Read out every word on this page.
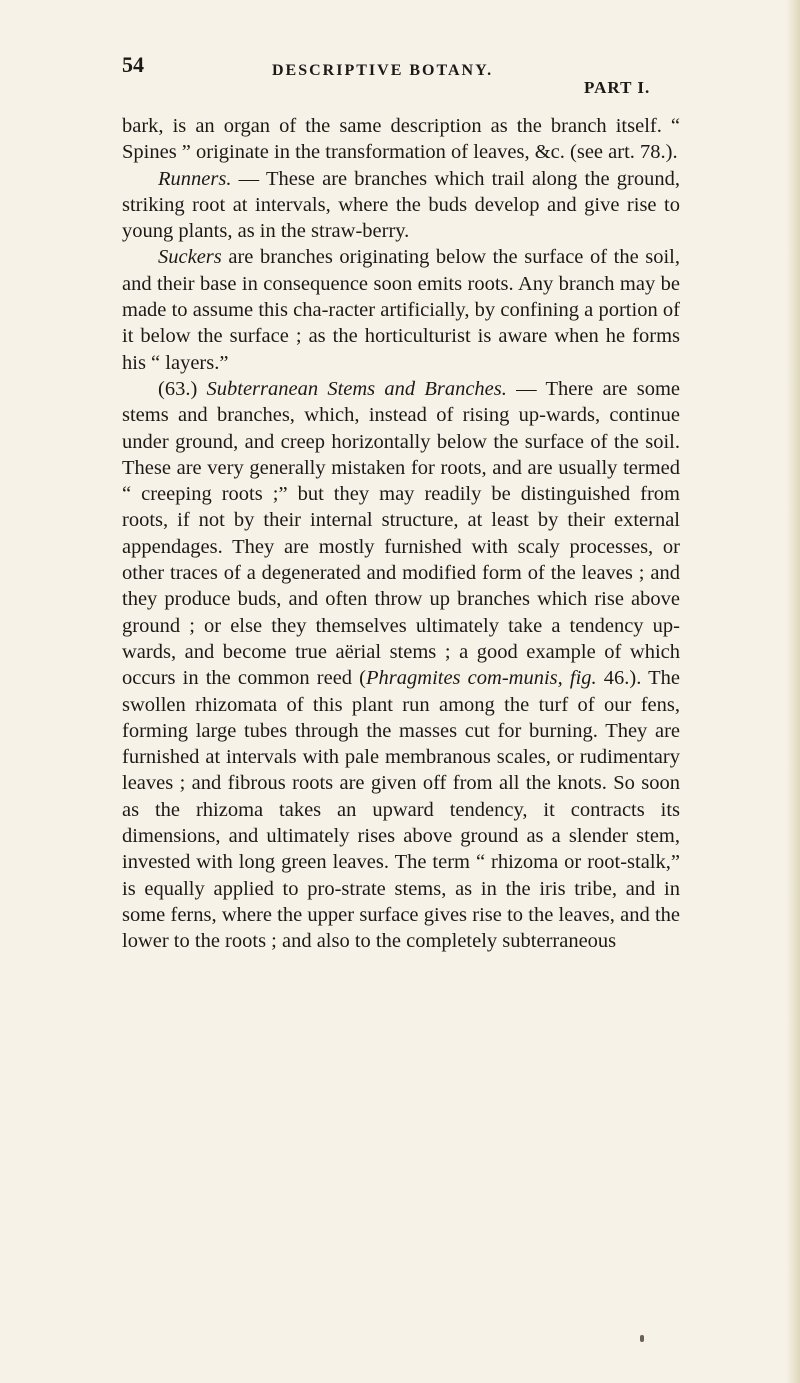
54	DESCRIPTIVE BOTANY.
PART I.

bark, is an organ of the same description as the branch itself. “ Spines ” originate in the transformation of leaves, &c. (see art. 78.).

Runners. — These are branches which trail along the ground, striking root at intervals, where the buds develop and give rise to young plants, as in the straw-berry.

Suckers are branches originating below the surface of the soil, and their base in consequence soon emits roots. Any branch may be made to assume this cha-racter artificially, by confining a portion of it below the surface ; as the horticulturist is aware when he forms his “ layers.”

(63.) Subterranean Stems and Branches. — There are some stems and branches, which, instead of rising up-wards, continue under ground, and creep horizontally below the surface of the soil. These are very generally mistaken for roots, and are usually termed “ creeping roots ;” but they may readily be distinguished from roots, if not by their internal structure, at least by their external appendages. They are mostly furnished with scaly processes, or other traces of a degenerated and modified form of the leaves ; and they produce buds, and often throw up branches which rise above ground ; or else they themselves ultimately take a tendency up-wards, and become true aërial stems ; a good example of which occurs in the common reed (Phragmites com-munis, fig. 46.). The swollen rhizomata of this plant run among the turf of our fens, forming large tubes through the masses cut for burning. They are furnished at intervals with pale membranous scales, or rudimentary leaves ; and fibrous roots are given off from all the knots. So soon as the rhizoma takes an upward tendency, it contracts its dimensions, and ultimately rises above ground as a slender stem, invested with long green leaves. The term “ rhizoma or root-stalk,” is equally applied to pro-strate stems, as in the iris tribe, and in some ferns, where the upper surface gives rise to the leaves, and the lower to the roots ; and also to the completely subterraneous
